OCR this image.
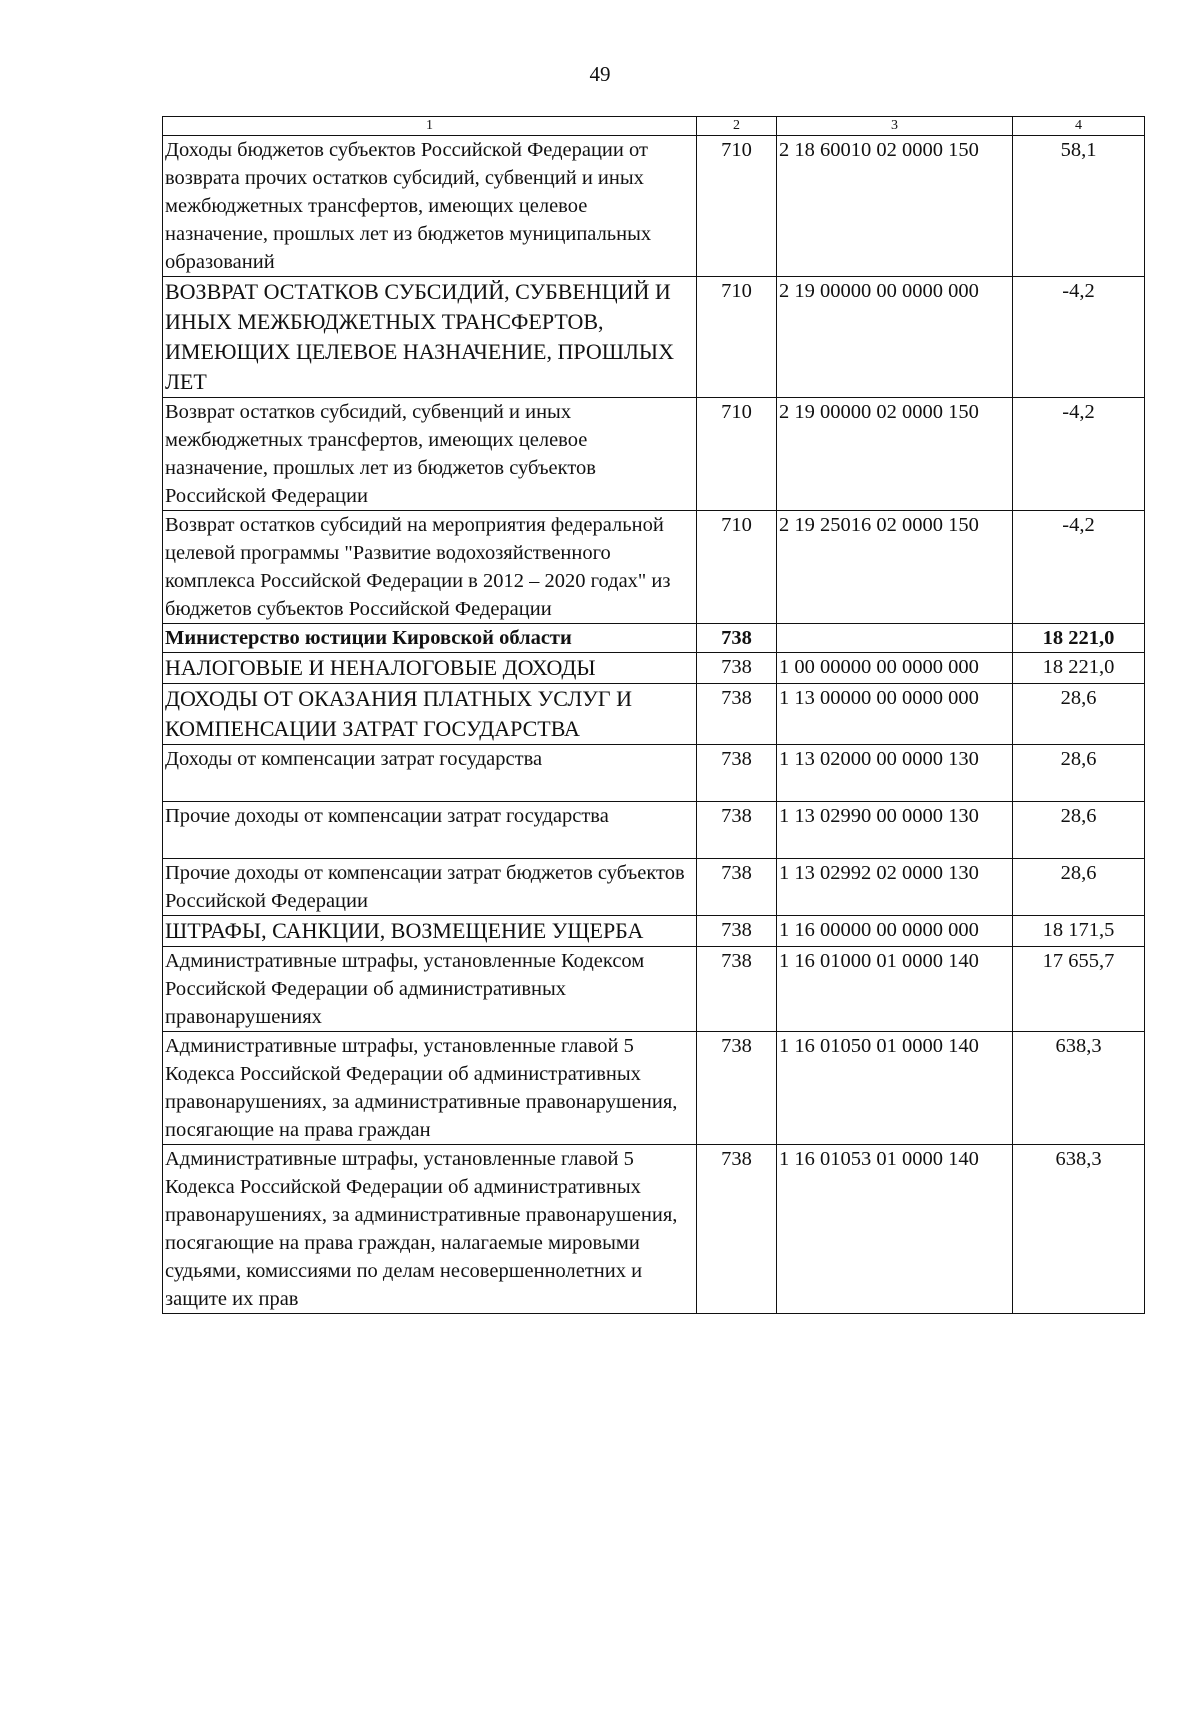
49
1	2	3	4
Доходы бюджетов субъектов Российской Федерации от возврата прочих остатков субсидий, субвенций и иных межбюджетных трансфертов, имеющих целевое назначение, прошлых лет из бюджетов муниципальных образований	710	2 18 60010 02 0000 150	58,1
ВОЗВРАТ ОСТАТКОВ СУБСИДИЙ, СУБВЕНЦИЙ И ИНЫХ МЕЖБЮДЖЕТНЫХ ТРАНСФЕРТОВ, ИМЕЮЩИХ ЦЕЛЕВОЕ НАЗНАЧЕНИЕ, ПРОШЛЫХ ЛЕТ	710	2 19 00000 00 0000 000	-4,2
Возврат остатков субсидий, субвенций и иных межбюджетных трансфертов, имеющих целевое назначение, прошлых лет из бюджетов субъектов Российской Федерации	710	2 19 00000 02 0000 150	-4,2
Возврат остатков субсидий на мероприятия федеральной целевой программы "Развитие водохозяйственного комплекса Российской Федерации в 2012 – 2020 годах" из бюджетов субъектов Российской Федерации	710	2 19 25016 02 0000 150	-4,2
Министерство юстиции Кировской области	738		18 221,0
НАЛОГОВЫЕ И НЕНАЛОГОВЫЕ ДОХОДЫ	738	1 00 00000 00 0000 000	18 221,0
ДОХОДЫ ОТ ОКАЗАНИЯ ПЛАТНЫХ УСЛУГ И КОМПЕНСАЦИИ ЗАТРАТ ГОСУДАРСТВА	738	1 13 00000 00 0000 000	28,6
Доходы от компенсации затрат государства	738	1 13 02000 00 0000 130	28,6
Прочие доходы от компенсации затрат государства	738	1 13 02990 00 0000 130	28,6
Прочие доходы от компенсации затрат бюджетов субъектов Российской Федерации	738	1 13 02992 02 0000 130	28,6
ШТРАФЫ, САНКЦИИ, ВОЗМЕЩЕНИЕ УЩЕРБА	738	1 16 00000 00 0000 000	18 171,5
Административные штрафы, установленные Кодексом Российской Федерации об административных правонарушениях	738	1 16 01000 01 0000 140	17 655,7
Административные штрафы, установленные главой 5 Кодекса Российской Федерации об административных правонарушениях, за административные правонарушения, посягающие на права граждан	738	1 16 01050 01 0000 140	638,3
Административные штрафы, установленные главой 5 Кодекса Российской Федерации об административных правонарушениях, за административные правонарушения, посягающие на права граждан, налагаемые мировыми судьями, комиссиями по делам несовершеннолетних и защите их прав	738	1 16 01053 01 0000 140	638,3
